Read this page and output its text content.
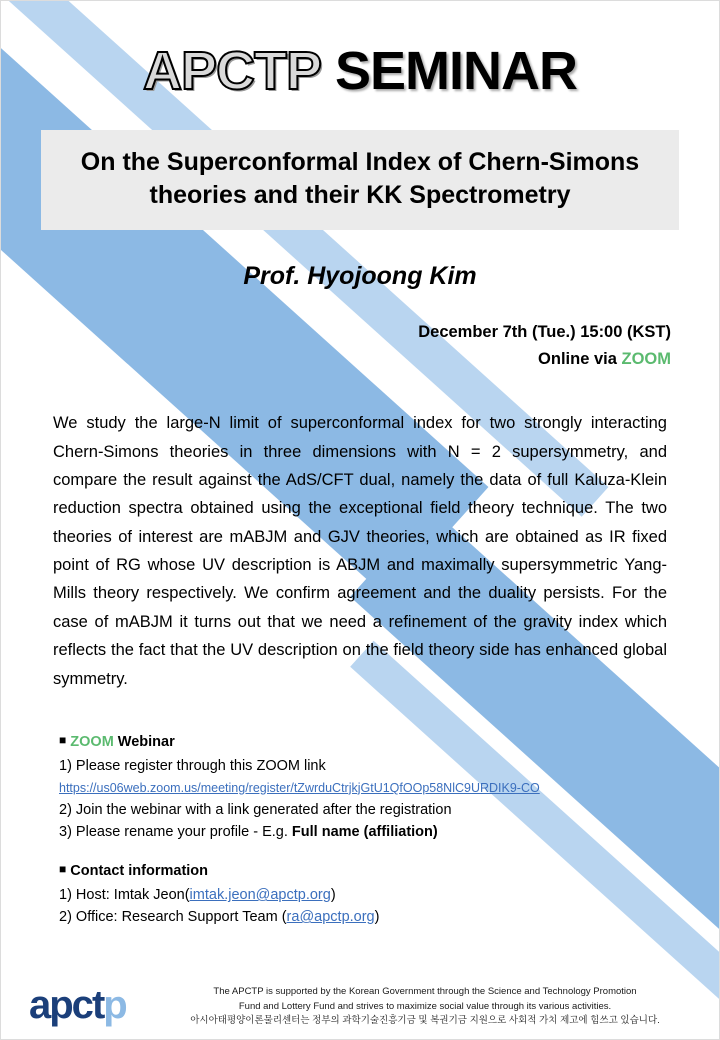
APCTP SEMINAR

On the Superconformal Index of Chern-Simons theories and their KK Spectrometry

Prof. Hyojoong Kim
December 7th (Tue.) 15:00 (KST)
Online via ZOOM
We study the large-N limit of superconformal index for two strongly interacting Chern-Simons theories in three dimensions with N = 2 supersymmetry, and compare the result against the AdS/CFT dual, namely the data of full Kaluza-Klein reduction spectra obtained using the exceptional field theory technique. The two theories of interest are mABJM and GJV theories, which are obtained as IR fixed point of RG whose UV description is ABJM and maximally supersymmetric Yang-Mills theory respectively. We confirm agreement and the duality persists. For the case of mABJM it turns out that we need a refinement of the gravity index which reflects the fact that the UV description on the field theory side has enhanced global symmetry.
■ ZOOM Webinar
1) Please register through this ZOOM link
https://us06web.zoom.us/meeting/register/tZwrduCtrjkjGtU1QfOOp58NlC9URDIK9-CO
2) Join the webinar with a link generated after the registration
3) Please rename your profile - E.g. Full name (affiliation)
■ Contact information
1) Host: Imtak Jeon(imtak.jeon@apctp.org)
2) Office: Research Support Team (ra@apctp.org)
apctp	The APCTP is supported by the Korean Government through the Science and Technology Promotion
Fund and Lottery Fund and strives to maximize social value through its various activities.
아시아태평양이론물리센터는 정부의 과학기술진흥기금 및 복권기금 지원으로 사회적 가치 제고에 힘쓰고 있습니다.
